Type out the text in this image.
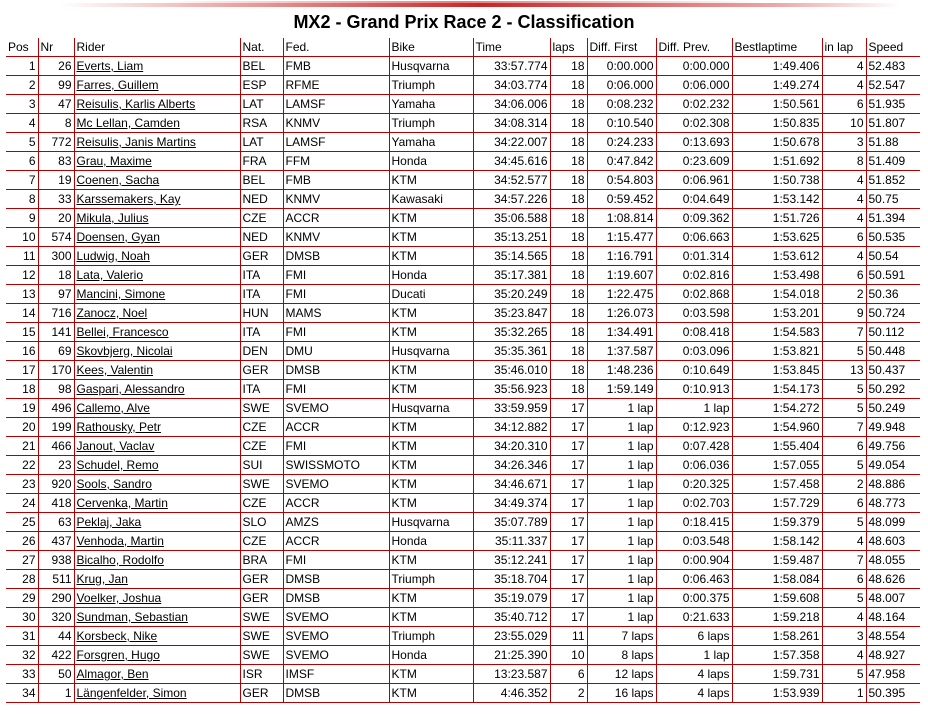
MX2 - Grand Prix Race 2 - Classification
Pos	Nr	Rider	Nat.	Fed.	Bike	Time	laps	Diff. First	Diff. Prev.	Bestlaptime	in lap	Speed
1	26	Everts, Liam	BEL	FMB	Husqvarna	33:57.774	18	0:00.000	0:00.000	1:49.406	4	52.483
2	99	Farres, Guillem	ESP	RFME	Triumph	34:03.774	18	0:06.000	0:06.000	1:49.274	4	52.547
3	47	Reisulis, Karlis Alberts	LAT	LAMSF	Yamaha	34:06.006	18	0:08.232	0:02.232	1:50.561	6	51.935
4	8	Mc Lellan, Camden	RSA	KNMV	Triumph	34:08.314	18	0:10.540	0:02.308	1:50.835	10	51.807
5	772	Reisulis, Janis Martins	LAT	LAMSF	Yamaha	34:22.007	18	0:24.233	0:13.693	1:50.678	3	51.88
6	83	Grau, Maxime	FRA	FFM	Honda	34:45.616	18	0:47.842	0:23.609	1:51.692	8	51.409
7	19	Coenen, Sacha	BEL	FMB	KTM	34:52.577	18	0:54.803	0:06.961	1:50.738	4	51.852
8	33	Karssemakers, Kay	NED	KNMV	Kawasaki	34:57.226	18	0:59.452	0:04.649	1:53.142	4	50.75
9	20	Mikula, Julius	CZE	ACCR	KTM	35:06.588	18	1:08.814	0:09.362	1:51.726	4	51.394
10	574	Doensen, Gyan	NED	KNMV	KTM	35:13.251	18	1:15.477	0:06.663	1:53.625	6	50.535
11	300	Ludwig, Noah	GER	DMSB	KTM	35:14.565	18	1:16.791	0:01.314	1:53.612	4	50.54
12	18	Lata, Valerio	ITA	FMI	Honda	35:17.381	18	1:19.607	0:02.816	1:53.498	6	50.591
13	97	Mancini, Simone	ITA	FMI	Ducati	35:20.249	18	1:22.475	0:02.868	1:54.018	2	50.36
14	716	Zanocz, Noel	HUN	MAMS	KTM	35:23.847	18	1:26.073	0:03.598	1:53.201	9	50.724
15	141	Bellei, Francesco	ITA	FMI	KTM	35:32.265	18	1:34.491	0:08.418	1:54.583	7	50.112
16	69	Skovbjerg, Nicolai	DEN	DMU	Husqvarna	35:35.361	18	1:37.587	0:03.096	1:53.821	5	50.448
17	170	Kees, Valentin	GER	DMSB	KTM	35:46.010	18	1:48.236	0:10.649	1:53.845	13	50.437
18	98	Gaspari, Alessandro	ITA	FMI	KTM	35:56.923	18	1:59.149	0:10.913	1:54.173	5	50.292
19	496	Callemo, Alve	SWE	SVEMO	Husqvarna	33:59.959	17	1 lap	1 lap	1:54.272	5	50.249
20	199	Rathousky, Petr	CZE	ACCR	KTM	34:12.882	17	1 lap	0:12.923	1:54.960	7	49.948
21	466	Janout, Vaclav	CZE	FMI	KTM	34:20.310	17	1 lap	0:07.428	1:55.404	6	49.756
22	23	Schudel, Remo	SUI	SWISSMOTO	KTM	34:26.346	17	1 lap	0:06.036	1:57.055	5	49.054
23	920	Sools, Sandro	SWE	SVEMO	KTM	34:46.671	17	1 lap	0:20.325	1:57.458	2	48.886
24	418	Cervenka, Martin	CZE	ACCR	KTM	34:49.374	17	1 lap	0:02.703	1:57.729	6	48.773
25	63	Peklaj, Jaka	SLO	AMZS	Husqvarna	35:07.789	17	1 lap	0:18.415	1:59.379	5	48.099
26	437	Venhoda, Martin	CZE	ACCR	Honda	35:11.337	17	1 lap	0:03.548	1:58.142	4	48.603
27	938	Bicalho, Rodolfo	BRA	FMI	KTM	35:12.241	17	1 lap	0:00.904	1:59.487	7	48.055
28	511	Krug, Jan	GER	DMSB	Triumph	35:18.704	17	1 lap	0:06.463	1:58.084	6	48.626
29	290	Voelker, Joshua	GER	DMSB	KTM	35:19.079	17	1 lap	0:00.375	1:59.608	5	48.007
30	320	Sundman, Sebastian	SWE	SVEMO	KTM	35:40.712	17	1 lap	0:21.633	1:59.218	4	48.164
31	44	Korsbeck, Nike	SWE	SVEMO	Triumph	23:55.029	11	7 laps	6 laps	1:58.261	3	48.554
32	422	Forsgren, Hugo	SWE	SVEMO	Honda	21:25.390	10	8 laps	1 lap	1:57.358	4	48.927
33	50	Almagor, Ben	ISR	IMSF	KTM	13:23.587	6	12 laps	4 laps	1:59.731	5	47.958
34	1	Längenfelder, Simon	GER	DMSB	KTM	4:46.352	2	16 laps	4 laps	1:53.939	1	50.395
